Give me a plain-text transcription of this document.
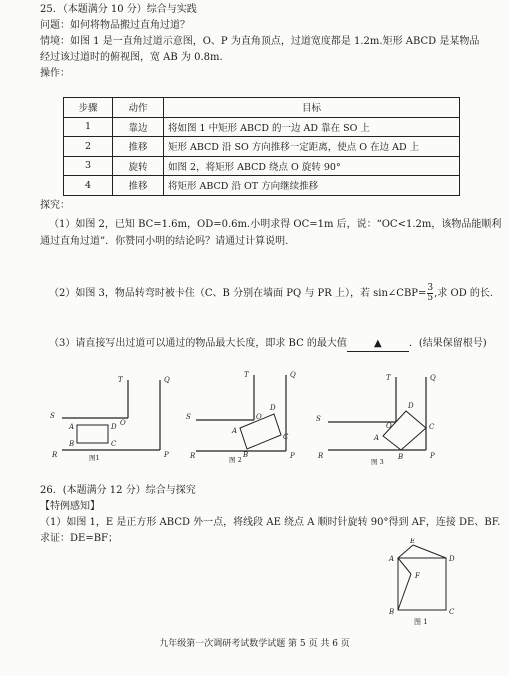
25．（本题满分 10 分）综合与实践
问题：如何将物品搬过直角过道？
情境：如图 1 是一直角过道示意图，O、P 为直角顶点，过道宽度都是 1.2m.矩形 ABCD 是某物品
经过该过道时的俯视图，宽 AB 为 0.8m.
操作：
步骤	动作	目标
1	靠边	将如图 1 中矩形 ABCD 的一边 AD 靠在 SO 上
2	推移	矩形 ABCD 沿 SO 方向推移一定距离，使点 O 在边 AD 上
3	旋转	如图 2，将矩形 ABCD 绕点 O 旋转 90°
4	推移	将矩形 ABCD 沿 OT 方向继续推移
探究：
（1）如图 2，已知 BC=1.6m，OD=0.6m.小明求得 OC=1m 后，说：“OC<1.2m，该物品能顺利
通过直角过道”．你赞同小明的结论吗？请通过计算说明.
（2）如图 3，物品转弯时被卡住（C、B 分别在墙面 PQ 与 PR 上），若 sin∠CBP= $\frac{3}{5}$ ,求 OD 的长.
（3）请直接写出过道可以通过的物品最大长度，即求 BC 的最大值	▲	．(结果保留根号)
T	Q
S
O
A	D
B	C
R	P
图1
T	Q
S	O
D
A
C
B
R	P
图 2
T	Q
S
O
D
C
A
R	B	P
图 3
26．(本题满分 12 分）综合与探究
【特例感知】
（1）如图 1，E 是正方形 ABCD 外一点，将线段 AE 绕点 A 顺时针旋转 90°得到 AF，连接 DE、BF.
求证：DE=BF；	E
A	D
F
B	C
图 1
九年级第一次调研考试数学试题 第 5 页 共 6 页
